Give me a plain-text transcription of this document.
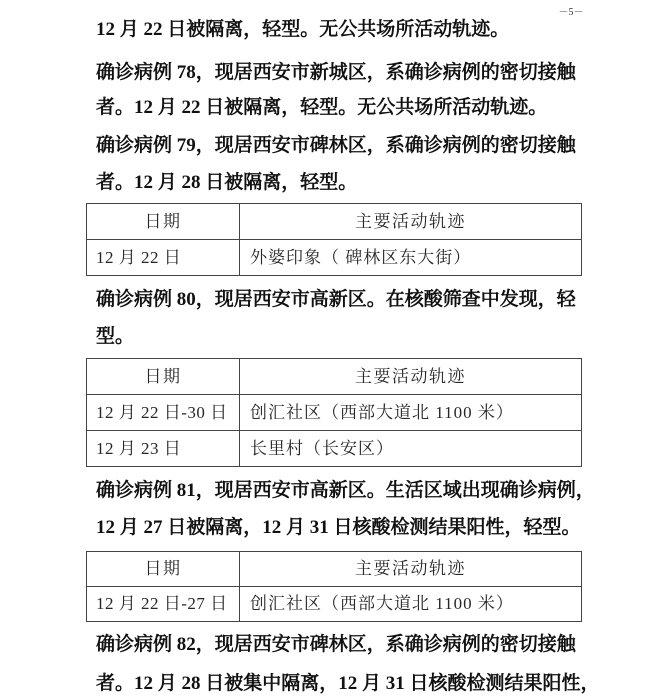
－5－
12 月 22 日被隔离，轻型。无公共场所活动轨迹。
确诊病例 78，现居西安市新城区，系确诊病例的密切接触
者。12 月 22 日被隔离，轻型。无公共场所活动轨迹。
确诊病例 79，现居西安市碑林区，系确诊病例的密切接触
者。12 月 28 日被隔离，轻型。
日期	主要活动轨迹
12 月 22 日	外婆印象（ 碑林区东大街）
确诊病例 80，现居西安市高新区。在核酸筛查中发现，轻
型。
日期	主要活动轨迹
12 月 22 日-30 日	创汇社区（西部大道北 1100 米）
12 月 23 日	长里村（长安区）
确诊病例 81，现居西安市高新区。生活区域出现确诊病例，
12 月 27 日被隔离，12 月 31 日核酸检测结果阳性，轻型。
日期	主要活动轨迹
12 月 22 日-27 日	创汇社区（西部大道北 1100 米）
确诊病例 82，现居西安市碑林区，系确诊病例的密切接触
者。12 月 28 日被集中隔离，12 月 31 日核酸检测结果阳性，
